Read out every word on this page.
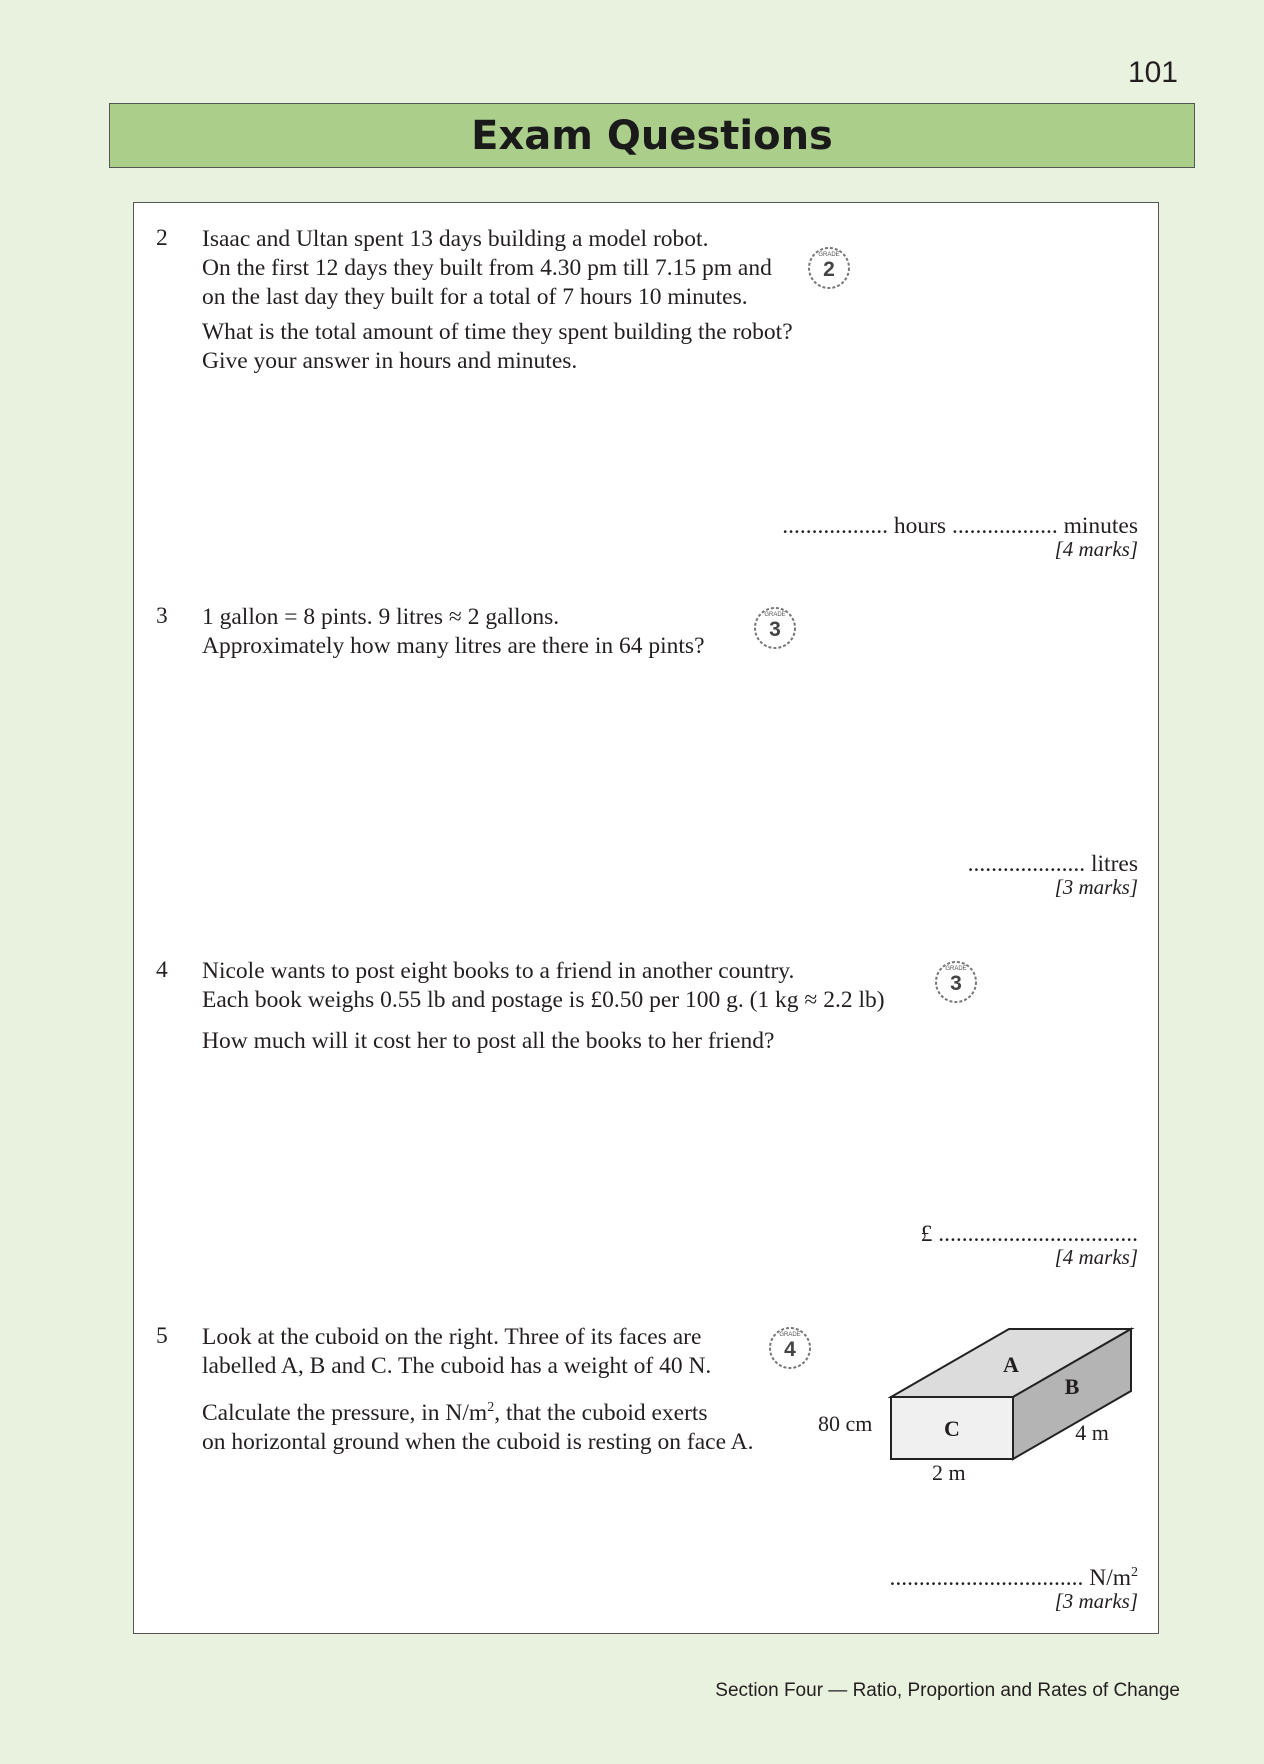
101
Exam Questions
2 Isaac and Ultan spent 13 days building a model robot.
On the first 12 days they built from 4.30 pm till 7.15 pm and
on the last day they built for a total of 7 hours 10 minutes.
What is the total amount of time they spent building the robot?
Give your answer in hours and minutes.
GRADE
2
.................. hours .................. minutes
[4 marks]
3 1 gallon = 8 pints. 9 litres ≈ 2 gallons.
Approximately how many litres are there in 64 pints?
GRADE
3
.................... litres
[3 marks]
4 Nicole wants to post eight books to a friend in another country.
Each book weighs 0.55 lb and postage is £0.50 per 100 g. (1 kg ≈ 2.2 lb)
How much will it cost her to post all the books to her friend?
GRADE
3
£ ..................................
[4 marks]
5 Look at the cuboid on the right. Three of its faces are
labelled A, B and C. The cuboid has a weight of 40 N.
Calculate the pressure, in $N/m^2$, that the cuboid exerts
on horizontal ground when the cuboid is resting on face A.
GRADE
4
................................. $N/m^2$
[3 marks]
A
B
C	4 m
80 cm
2 m
Section Four — Ratio, Proportion and Rates of Change
